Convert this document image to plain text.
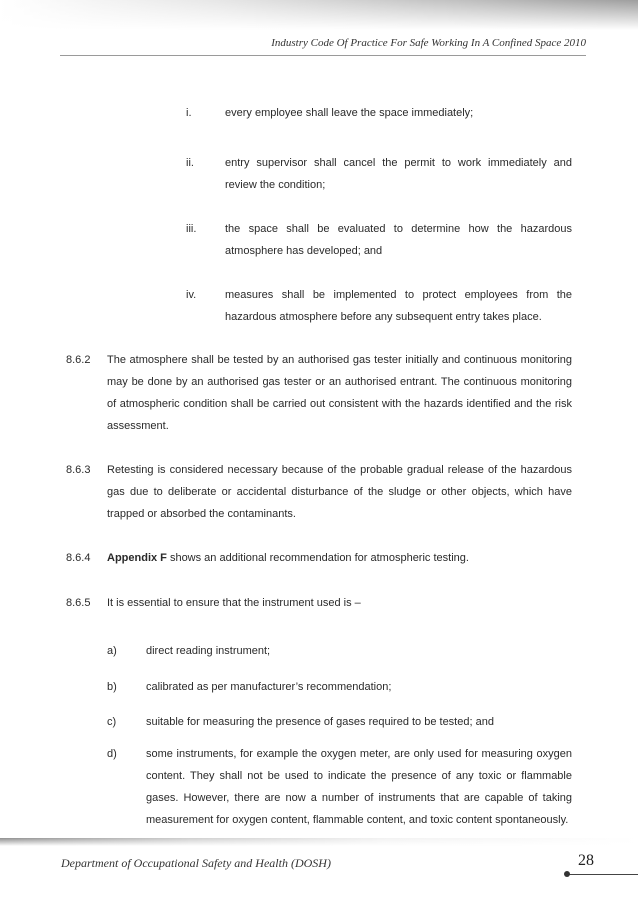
Industry Code Of Practice For Safe Working In A Confined Space 2010
i.	every employee shall leave the space immediately;
ii.	entry supervisor shall cancel the permit to work immediately and review the condition;
iii.	the space shall be evaluated to determine how the hazardous atmosphere has developed; and
iv.	measures shall be implemented to protect employees from the hazardous atmosphere before any subsequent entry takes place.
8.6.2 The atmosphere shall be tested by an authorised gas tester initially and continuous monitoring may be done by an authorised gas tester or an authorised entrant. The continuous monitoring of atmospheric condition shall be carried out consistent with the hazards identified and the risk assessment.
8.6.3 Retesting is considered necessary because of the probable gradual release of the hazardous gas due to deliberate or accidental disturbance of the sludge or other objects, which have trapped or absorbed the contaminants.
8.6.4 Appendix F shows an additional recommendation for atmospheric testing.
8.6.5 It is essential to ensure that the instrument used is –
a)	direct reading instrument;
b)	calibrated as per manufacturer’s recommendation;
c)	suitable for measuring the presence of gases required to be tested; and
d)	some instruments, for example the oxygen meter, are only used for measuring oxygen content. They shall not be used to indicate the presence of any toxic or flammable gases. However, there are now a number of instruments that are capable of taking measurement for oxygen content, flammable content, and toxic content spontaneously.
Department of Occupational Safety and Health (DOSH)	28
